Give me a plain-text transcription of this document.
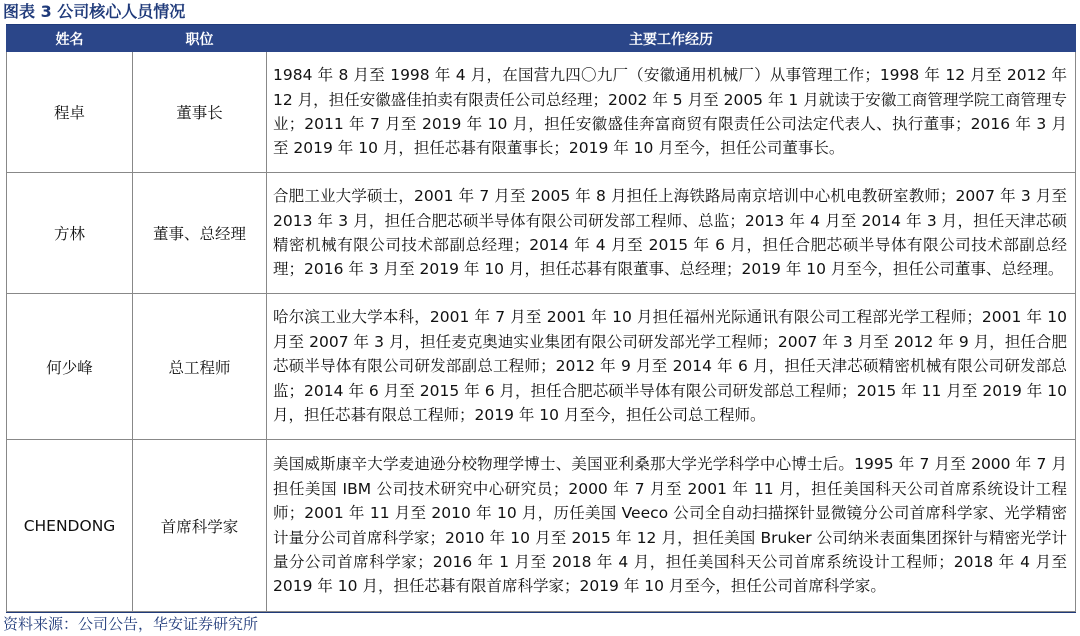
图表 3 公司核心人员情况
姓名	职位	主要工作经历
程卓	董事长	1984 年 8 月至 1998 年 4 月，在国营九四〇九厂（安徽通用机械厂）从事管理工作；1998 年 12 月至 2012 年 12 月，担任安徽盛佳拍卖有限责任公司总经理；2002 年 5 月至 2005 年 1 月就读于安徽工商管理学院工商管理专业；2011 年 7 月至 2019 年 10 月，担任安徽盛佳奔富商贸有限责任公司法定代表人、执行董事；2016 年 3 月至 2019 年 10 月，担任芯碁有限董事长；2019 年 10 月至今，担任公司董事长。
方林	董事、总经理	合肥工业大学硕士，2001 年 7 月至 2005 年 8 月担任上海铁路局南京培训中心机电教研室教师；2007 年 3 月至 2013 年 3 月，担任合肥芯硕半导体有限公司研发部工程师、总监；2013 年 4 月至 2014 年 3 月，担任天津芯硕精密机械有限公司技术部副总经理；2014 年 4 月至 2015 年 6 月，担任合肥芯硕半导体有限公司技术部副总经理；2016 年 3 月至 2019 年 10 月，担任芯碁有限董事、总经理；2019 年 10 月至今，担任公司董事、总经理。
何少峰	总工程师	哈尔滨工业大学本科，2001 年 7 月至 2001 年 10 月担任福州光际通讯有限公司工程部光学工程师；2001 年 10 月至 2007 年 3 月，担任麦克奥迪实业集团有限公司研发部光学工程师；2007 年 3 月至 2012 年 9 月，担任合肥芯硕半导体有限公司研发部副总工程师；2012 年 9 月至 2014 年 6 月，担任天津芯硕精密机械有限公司研发部总监；2014 年 6 月至 2015 年 6 月，担任合肥芯硕半导体有限公司研发部总工程师；2015 年 11 月至 2019 年 10 月，担任芯碁有限总工程师；2019 年 10 月至今，担任公司总工程师。
CHENDONG	首席科学家	美国威斯康辛大学麦迪逊分校物理学博士、美国亚利桑那大学光学科学中心博士后。1995 年 7 月至 2000 年 7 月担任美国 IBM 公司技术研究中心研究员；2000 年 7 月至 2001 年 11 月，担任美国科天公司首席系统设计工程师；2001 年 11 月至 2010 年 10 月，历任美国 Veeco 公司全自动扫描探针显微镜分公司首席科学家、光学精密计量分公司首席科学家；2010 年 10 月至 2015 年 12 月，担任美国 Bruker 公司纳米表面集团探针与精密光学计量分公司首席科学家；2016 年 1 月至 2018 年 4 月，担任美国科天公司首席系统设计工程师；2018 年 4 月至 2019 年 10 月，担任芯碁有限首席科学家；2019 年 10 月至今，担任公司首席科学家。
资料来源：公司公告，华安证券研究所
